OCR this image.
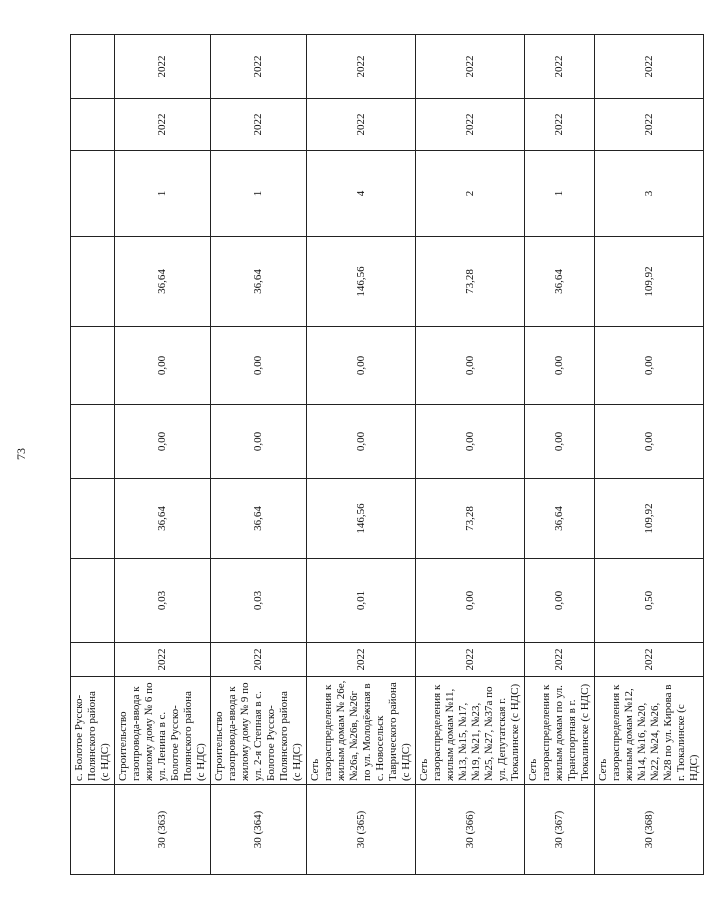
73
	с. Болотое Русско-Полянского района (с НДС)									
30 (363)	Строительство газопровода-ввода к жилому дому № 6 по ул. Ленина в с. Болотое Русско-Полянского района (с НДС)	2022	0,03	36,64	0,00	0,00	36,64	1	2022	2022
30 (364)	Строительство газопровода-ввода к жилому дому № 9 по ул. 2-я Степная в с. Болотое Русско-Полянского района (с НДС)	2022	0,03	36,64	0,00	0,00	36,64	1	2022	2022
30 (365)	Сеть газораспределения к жилым домам № 26е, №26а, №26в, №26г по ул. Молодёжная в с. Новосельск Таврического района (с НДС)	2022	0,01	146,56	0,00	0,00	146,56	4	2022	2022
30 (366)	Сеть газораспределения к жилым домам №11, №13, №15, №17, №19, №21, №23, №25, №27, №37а по ул. Депутатская г. Тюкалинске (с НДС)	2022	0,00	73,28	0,00	0,00	73,28	2	2022	2022
30 (367)	Сеть газораспределения к жилым домам по ул. Транспортная в г. Тюкалинске (с НДС)	2022	0,00	36,64	0,00	0,00	36,64	1	2022	2022
30 (368)	Сеть газораспределения к жилым домам №12, №14, №16, №20, №22, №24, №26, №28 по ул. Кирова в г. Тюкалинске (с НДС)	2022	0,50	109,92	0,00	0,00	109,92	3	2022	2022
